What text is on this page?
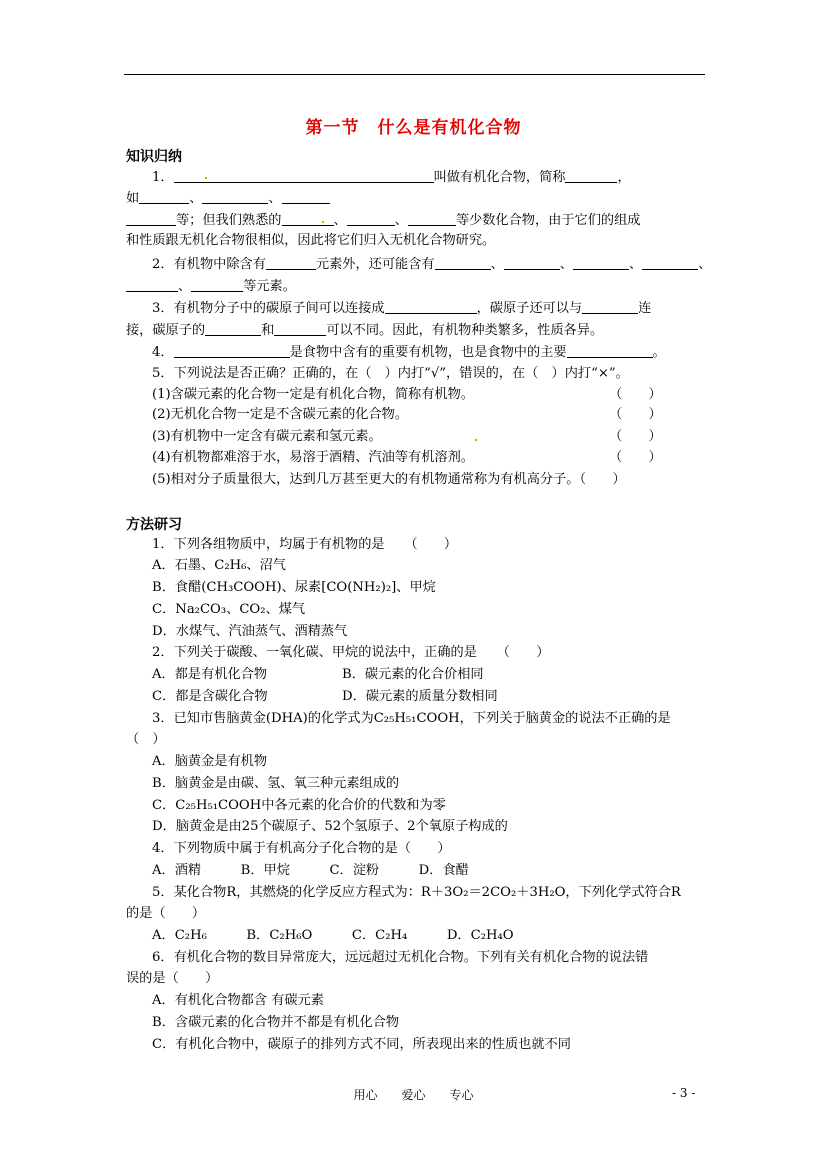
第一节　什么是有机化合物
知识归纳
1．	叫做有机化合物，简称	，
如	、	、
等；但我们熟悉的	、	、	等少数化合物，由于它们的组成
和性质跟无机化合物很相似，因此将它们归入无机化合物研究。
2．有机物中除含有	元素外，还可能含有	、	、	、	、
、	等元素。
3．有机物分子中的碳原子间可以连接成	，碳原子还可以与	连
接，碳原子的	和	可以不同。因此，有机物种类繁多，性质各异。
4．	是食物中含有的重要有机物，也是食物中的主要	。
5．下列说法是否正确？正确的，在（　）内打“√”，错误的，在（　）内打“×”。
(1)含碳元素的化合物一定是有机化合物，简称有机物。	（　　）
(2)无机化合物一定是不含碳元素的化合物。	（　　）
(3)有机物中一定含有碳元素和氢元素。	（　　）
(4)有机物都难溶于水，易溶于酒精、汽油等有机溶剂。	（　　）
(5)相对分子质量很大，达到几万甚至更大的有机物通常称为有机高分子。（　　）
方法研习
1．下列各组物质中，均属于有机物的是　　（　　）
A．石墨、C₂H₆、沼气
B．食醋(CH₃COOH)、尿素[CO(NH₂)₂]、甲烷
C．Na₂CO₃、CO₂、煤气
D．水煤气、汽油蒸气、酒精蒸气
2．下列关于碳酸、一氧化碳、甲烷的说法中，正确的是　　（　　）
A．都是有机化合物	B．碳元素的化合价相同
C．都是含碳化合物	D．碳元素的质量分数相同
3．已知市售脑黄金(DHA)的化学式为C₂₅H₅₁COOH，下列关于脑黄金的说法不正确的是
（　）
A．脑黄金是有机物
B．脑黄金是由碳、氢、氧三种元素组成的
C．C₂₅H₅₁COOH中各元素的化合价的代数和为零
D．脑黄金是由25个碳原子、52个氢原子、2个氧原子构成的
4．下列物质中属于有机高分子化合物的是（　　）
A．酒精　　　B．甲烷　　　C．淀粉　　　D．食醋
5．某化合物R，其燃烧的化学反应方程式为：R＋3O₂＝2CO₂＋3H₂O，下列化学式符合R
的是（　　）
A．C₂H₆　　　B．C₂H₆O　　　C．C₂H₄　　　D．C₂H₄O
6．有机化合物的数目异常庞大，远远超过无机化合物。下列有关有机化合物的说法错
误的是（　　）
A．有机化合物都含 有碳元素
B．含碳元素的化合物并不都是有机化合物
C．有机化合物中，碳原子的排列方式不同，所表现出来的性质也就不同
用心　　爱心　　专心	- 3 -
